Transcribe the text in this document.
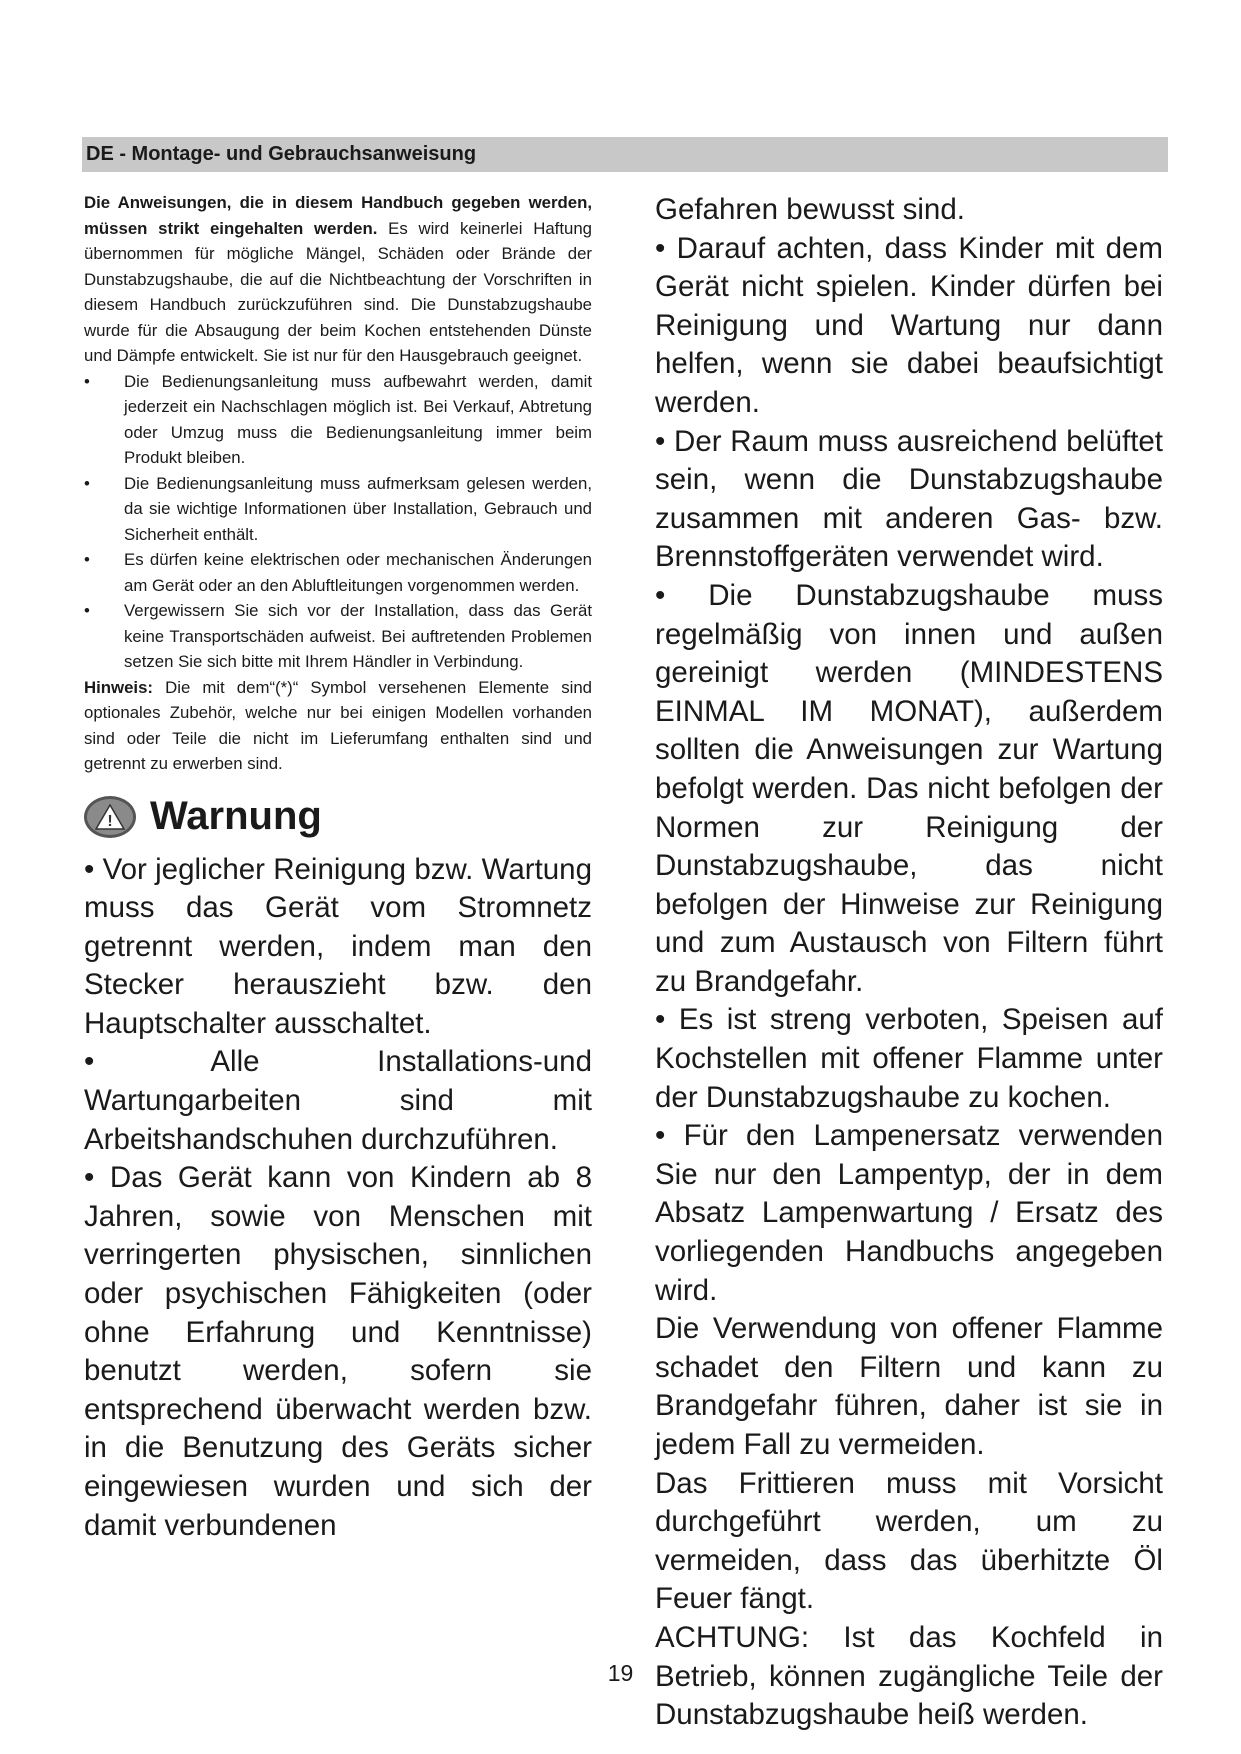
DE - Montage- und Gebrauchsanweisung

Die Anweisungen, die in diesem Handbuch gegeben werden, müssen strikt eingehalten werden. Es wird keinerlei Haftung übernommen für mögliche Mängel, Schäden oder Brände der Dunstabzugshaube, die auf die Nichtbeachtung der Vorschriften in diesem Handbuch zurückzuführen sind. Die Dunstabzugshaube wurde für die Absaugung der beim Kochen entstehenden Dünste und Dämpfe entwickelt. Sie ist nur für den Hausgebrauch geeignet.

• Die Bedienungsanleitung muss aufbewahrt werden, damit jederzeit ein Nachschlagen möglich ist. Bei Verkauf, Abtretung oder Umzug muss die Bedienungsanleitung immer beim Produkt bleiben.
• Die Bedienungsanleitung muss aufmerksam gelesen werden, da sie wichtige Informationen über Installation, Gebrauch und Sicherheit enthält.
• Es dürfen keine elektrischen oder mechanischen Änderungen am Gerät oder an den Abluftleitungen vorgenommen werden.
• Vergewissern Sie sich vor der Installation, dass das Gerät keine Transportschäden aufweist. Bei auftretenden Problemen setzen Sie sich bitte mit Ihrem Händler in Verbindung.

Hinweis: Die mit dem“(*)“ Symbol versehenen Elemente sind optionales Zubehör, welche nur bei einigen Modellen vorhanden sind oder Teile die nicht im Lieferumfang enthalten sind und getrennt zu erwerben sind.

! Warnung

• Vor jeglicher Reinigung bzw. Wartung muss das Gerät vom Stromnetz getrennt werden, indem man den Stecker herauszieht bzw. den Hauptschalter ausschaltet.

• Alle Installations-und Wartungarbeiten sind mit Arbeitshandschuhen durchzuführen.

• Das Gerät kann von Kindern ab 8 Jahren, sowie von Menschen mit verringerten physischen, sinnlichen oder psychischen Fähigkeiten (oder ohne Erfahrung und Kenntnisse) benutzt werden, sofern sie entsprechend überwacht werden bzw. in die Benutzung des Geräts sicher eingewiesen wurden und sich der damit verbundenen

Gefahren bewusst sind.

• Darauf achten, dass Kinder mit dem Gerät nicht spielen. Kinder dürfen bei Reinigung und Wartung nur dann helfen, wenn sie dabei beaufsichtigt werden.

• Der Raum muss ausreichend belüftet sein, wenn die Dunstabzugshaube zusammen mit anderen Gas- bzw. Brennstoffgeräten verwendet wird.

• Die Dunstabzugshaube muss regelmäßig von innen und außen gereinigt werden (MINDESTENS EINMAL IM MONAT), außerdem sollten die Anweisungen zur Wartung befolgt werden. Das nicht befolgen der Normen zur Reinigung der Dunstabzugshaube, das nicht befolgen der Hinweise zur Reinigung und zum Austausch von Filtern führt zu Brandgefahr.

• Es ist streng verboten, Speisen auf Kochstellen mit offener Flamme unter der Dunstabzugshaube zu kochen.

• Für den Lampenersatz verwenden Sie nur den Lampentyp, der in dem Absatz Lampenwartung / Ersatz des vorliegenden Handbuchs angegeben wird.

Die Verwendung von offener Flamme schadet den Filtern und kann zu Brandgefahr führen, daher ist sie in jedem Fall zu vermeiden.

Das Frittieren muss mit Vorsicht durchgeführt werden, um zu vermeiden, dass das überhitzte Öl Feuer fängt.

ACHTUNG: Ist das Kochfeld in Betrieb, können zugängliche Teile der Dunstabzugshaube heiß werden.

19
